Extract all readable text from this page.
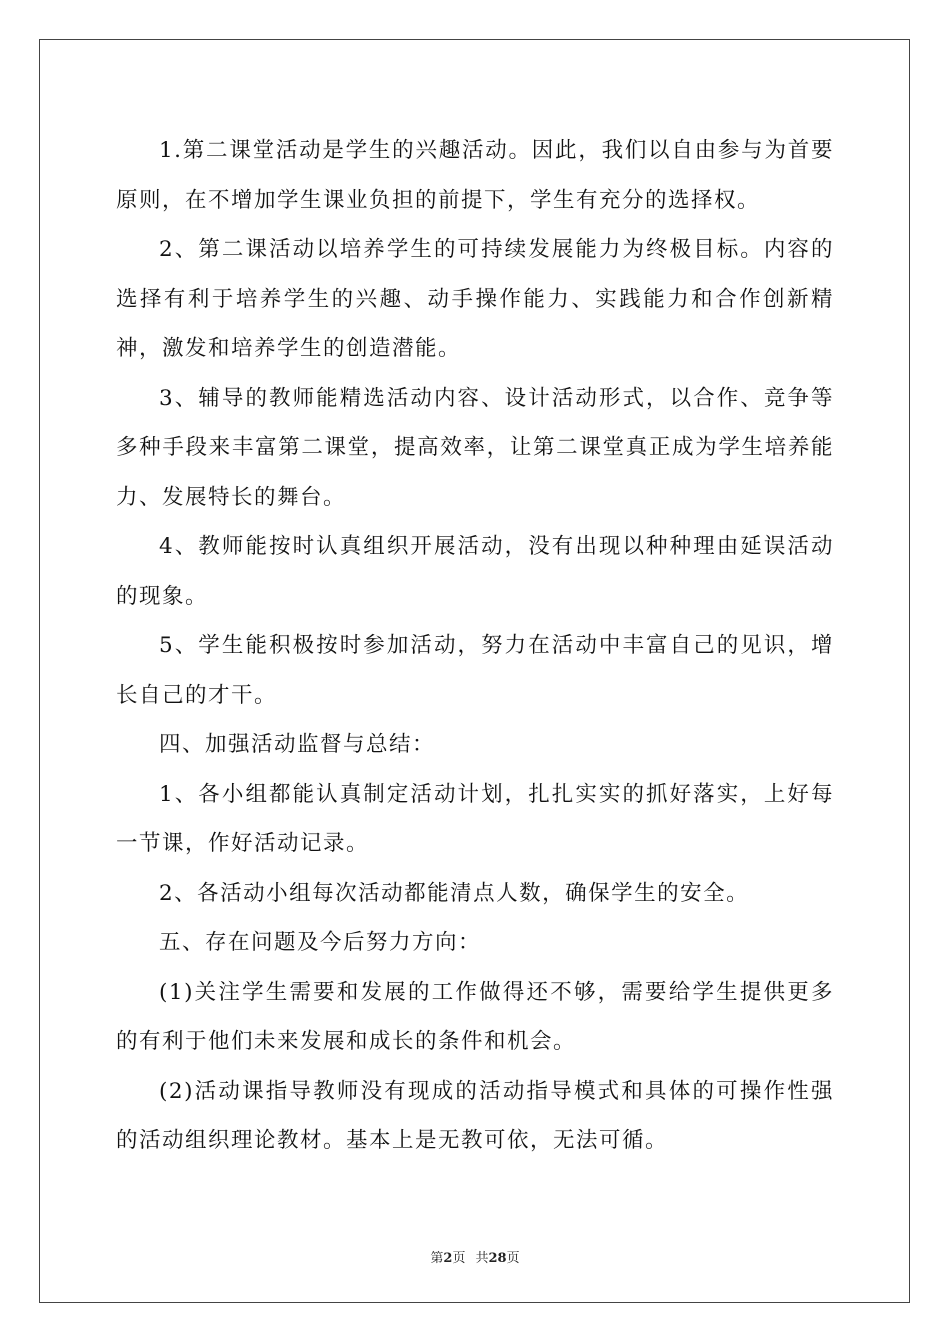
1.第二课堂活动是学生的兴趣活动。因此，我们以自由参与为首要原则，在不增加学生课业负担的前提下，学生有充分的选择权。

2、第二课活动以培养学生的可持续发展能力为终极目标。内容的选择有利于培养学生的兴趣、动手操作能力、实践能力和合作创新精神，激发和培养学生的创造潜能。

3、辅导的教师能精选活动内容、设计活动形式，以合作、竞争等多种手段来丰富第二课堂，提高效率，让第二课堂真正成为学生培养能力、发展特长的舞台。

4、教师能按时认真组织开展活动，没有出现以种种理由延误活动的现象。

5、学生能积极按时参加活动，努力在活动中丰富自己的见识，增长自己的才干。

四、加强活动监督与总结：

1、各小组都能认真制定活动计划，扎扎实实的抓好落实，上好每一节课，作好活动记录。

2、各活动小组每次活动都能清点人数，确保学生的安全。

五、存在问题及今后努力方向：

(1)关注学生需要和发展的工作做得还不够，需要给学生提供更多的有利于他们未来发展和成长的条件和机会。

(2)活动课指导教师没有现成的活动指导模式和具体的可操作性强的活动组织理论教材。基本上是无教可依，无法可循。

第2页 共28页
